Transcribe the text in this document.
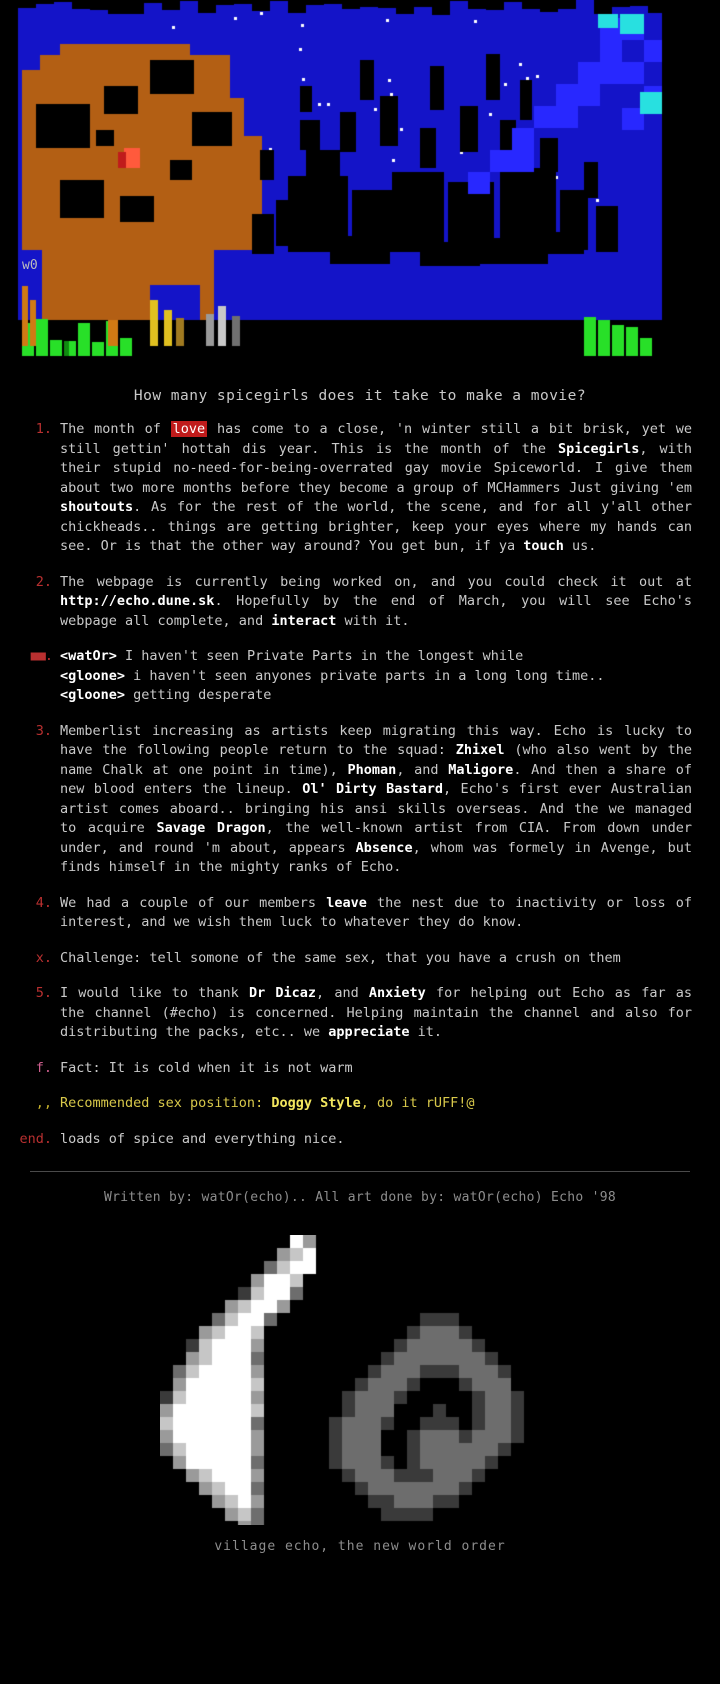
w0
How many spicegirls does it take to make a movie?
1. The month of love has come to a close, 'n winter still a bit brisk, yet we still gettin' hottah dis year. This is the month of the Spicegirls, with their stupid no-need-for-being-overrated gay movie Spiceworld. I give them about two more months before they become a group of MCHammers Just giving 'em shoutouts. As for the rest of the world, the scene, and for all y'all other chickheads.. things are getting brighter, keep your eyes where my hands can see. Or is that the other way around? You get bun, if ya touch us.
2. The webpage is currently being worked on, and you could check it out at http://echo.dune.sk. Hopefully by the end of March, you will see Echo's webpage all complete, and interact with it.
■■. <watOr> I haven't seen Private Parts in the longest while
<gloone> i haven't seen anyones private parts in a long long time..
<gloone> getting desperate
3. Memberlist increasing as artists keep migrating this way. Echo is lucky to have the following people return to the squad: Zhixel (who also went by the name Chalk at one point in time), Phoman, and Maligore. And then a share of new blood enters the lineup. Ol' Dirty Bastard, Echo's first ever Australian artist comes aboard.. bringing his ansi skills overseas. And the we managed to acquire Savage Dragon, the well-known artist from CIA. From down under under, and round 'm about, appears Absence, whom was formely in Avenge, but finds himself in the mighty ranks of Echo.
4. We had a couple of our members leave the nest due to inactivity or loss of interest, and we wish them luck to whatever they do know.
x. Challenge: tell somone of the same sex, that you have a crush on them
5. I would like to thank Dr Dicaz, and Anxiety for helping out Echo as far as the channel (#echo) is concerned. Helping maintain the channel and also for distributing the packs, etc.. we appreciate it.
f. Fact: It is cold when it is not warm
,, Recommended sex position: Doggy Style, do it rUFF!@
end. loads of spice and everything nice.
Written by: watOr(echo).. All art done by: watOr(echo) Echo '98
village echo, the new world order
